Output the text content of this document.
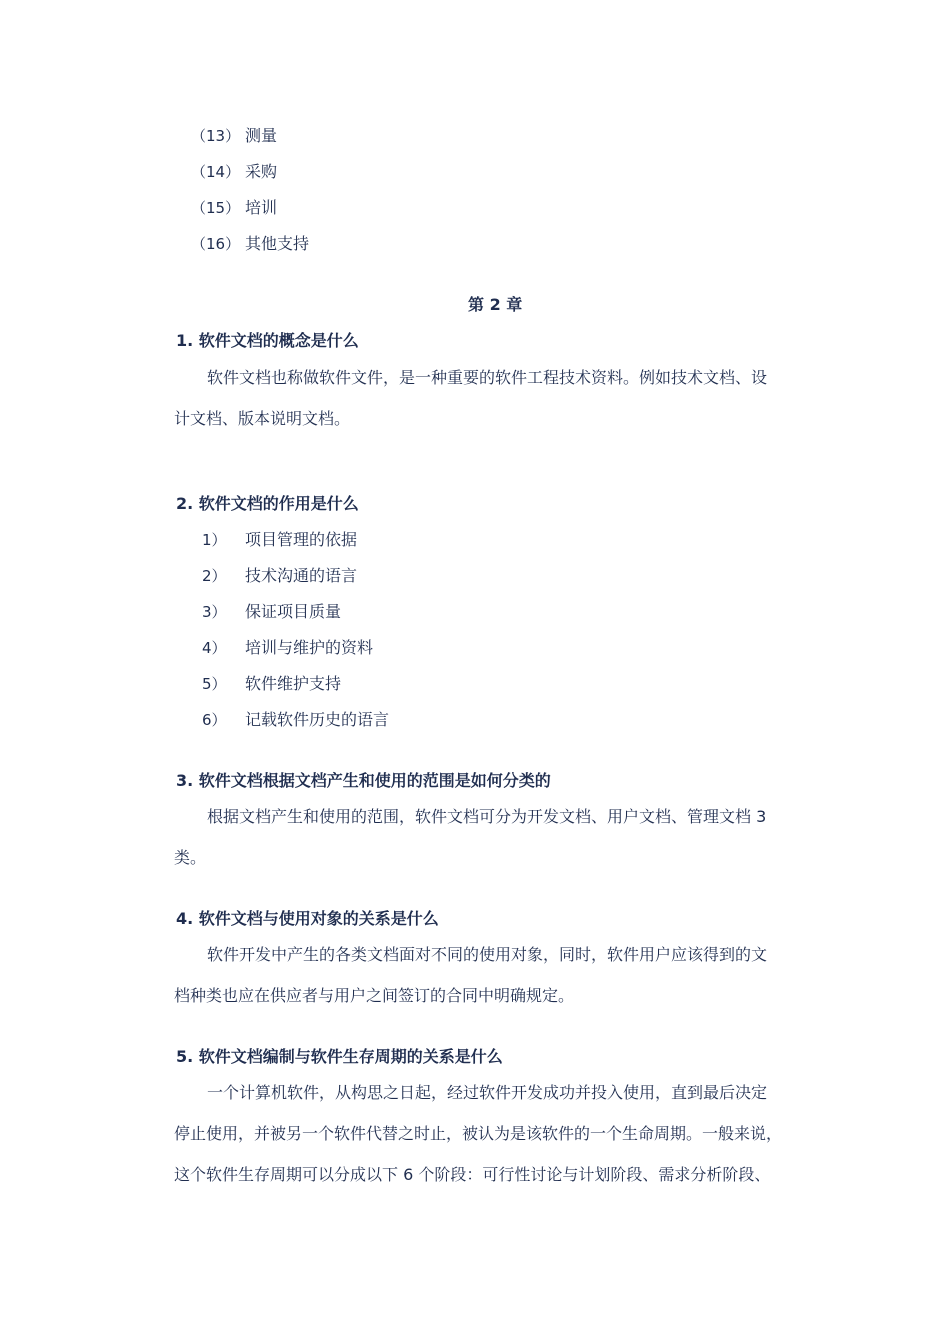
（13） 测量
（14） 采购
（15） 培训
（16） 其他支持
第 2 章
1. 软件文档的概念是什么
软件文档也称做软件文件，是一种重要的软件工程技术资料。例如技术文档、设
计文档、版本说明文档。
2. 软件文档的作用是什么
1） 项目管理的依据
2） 技术沟通的语言
3） 保证项目质量
4） 培训与维护的资料
5） 软件维护支持
6） 记载软件历史的语言
3. 软件文档根据文档产生和使用的范围是如何分类的
根据文档产生和使用的范围，软件文档可分为开发文档、用户文档、管理文档 3
类。
4. 软件文档与使用对象的关系是什么
软件开发中产生的各类文档面对不同的使用对象，同时，软件用户应该得到的文
档种类也应在供应者与用户之间签订的合同中明确规定。
5. 软件文档编制与软件生存周期的关系是什么
一个计算机软件，从构思之日起，经过软件开发成功并投入使用，直到最后决定
停止使用，并被另一个软件代替之时止，被认为是该软件的一个生命周期。一般来说，
这个软件生存周期可以分成以下 6 个阶段：可行性讨论与计划阶段、需求分析阶段、
